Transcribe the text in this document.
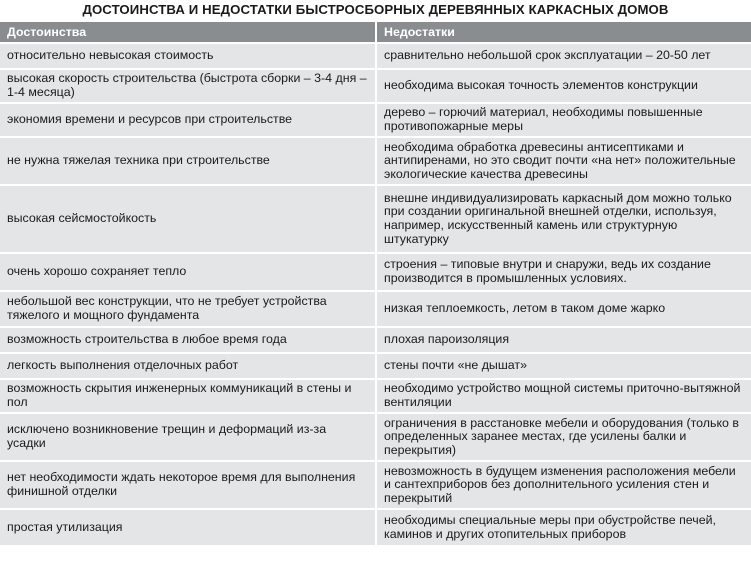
ДОСТОИНСТВА И НЕДОСТАТКИ БЫСТРОСБОРНЫХ ДЕРЕВЯННЫХ КАРКАСНЫХ ДОМОВ
Достоинства	Недостатки
относительно невысокая стоимость	сравнительно небольшой срок эксплуатации – 20-50 лет
высокая скорость строительства (быстрота сборки – 3-4 дня – 1-4 месяца)	необходима высокая точность элементов конструкции
экономия времени и ресурсов при строительстве	дерево – горючий материал, необходимы повышенные противопожарные меры
не нужна тяжелая техника при строительстве	необходима обработка древесины антисептиками и антипиренами, но это сводит почти «на нет» положительные экологические качества древесины
высокая сейсмостойкость	внешне индивидуализировать каркасный дом можно только при создании оригинальной внешней отделки, используя, например, искусственный камень или структурную штукатурку
очень хорошо сохраняет тепло	строения – типовые внутри и снаружи, ведь их создание производится в промышленных условиях.
небольшой вес конструкции, что не требует устройства тяжелого и мощного фундамента	низкая теплоемкость, летом в таком доме жарко
возможность строительства в любое время года	плохая пароизоляция
легкость выполнения отделочных работ	стены почти «не дышат»
возможность скрытия инженерных коммуникаций в стены и пол	необходимо устройство мощной системы приточно-вытяжной вентиляции
исключено возникновение трещин и деформаций из-за усадки	ограничения в расстановке мебели и оборудования (только в определенных заранее местах, где усилены балки и перекрытия)
нет необходимости ждать некоторое время для выполнения финишной отделки	невозможность в будущем изменения расположения мебели и сантехприборов без дополнительного усиления стен и перекрытий
простая утилизация	необходимы специальные меры при обустройстве печей, каминов и других отопительных приборов
